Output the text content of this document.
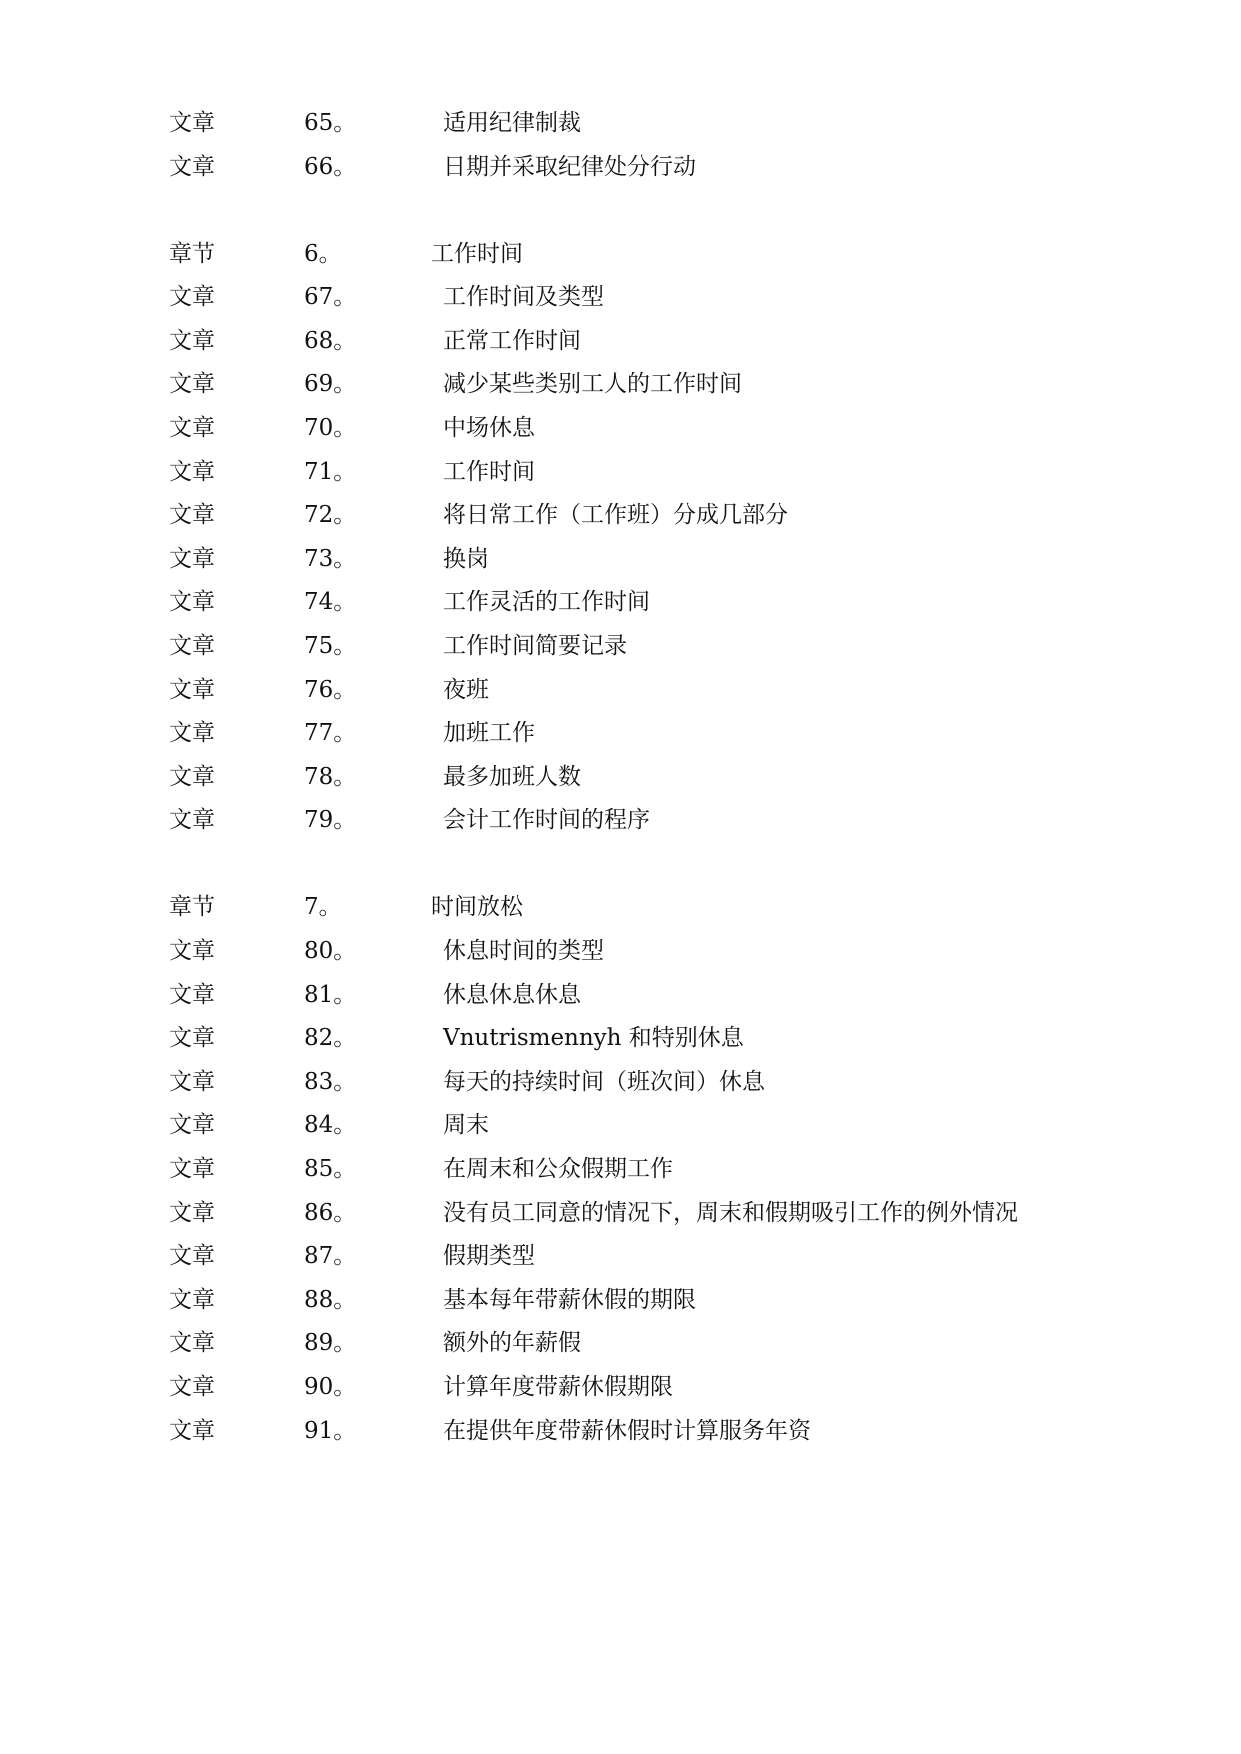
文章	65。	适用纪律制裁
文章	66。	日期并采取纪律处分行动
章节	6。	工作时间
文章	67。	工作时间及类型
文章	68。	正常工作时间
文章	69。	减少某些类别工人的工作时间
文章	70。	中场休息
文章	71。	工作时间
文章	72。	将日常工作（工作班）分成几部分
文章	73。	换岗
文章	74。	工作灵活的工作时间
文章	75。	工作时间简要记录
文章	76。	夜班
文章	77。	加班工作
文章	78。	最多加班人数
文章	79。	会计工作时间的程序
章节	7。	时间放松
文章	80。	休息时间的类型
文章	81。	休息休息休息
文章	82。	Vnutrismennyh 和特别休息
文章	83。	每天的持续时间（班次间）休息
文章	84。	周末
文章	85。	在周末和公众假期工作
文章	86。	没有员工同意的情况下，周末和假期吸引工作的例外情况
文章	87。	假期类型
文章	88。	基本每年带薪休假的期限
文章	89。	额外的年薪假
文章	90。	计算年度带薪休假期限
文章	91。	在提供年度带薪休假时计算服务年资
